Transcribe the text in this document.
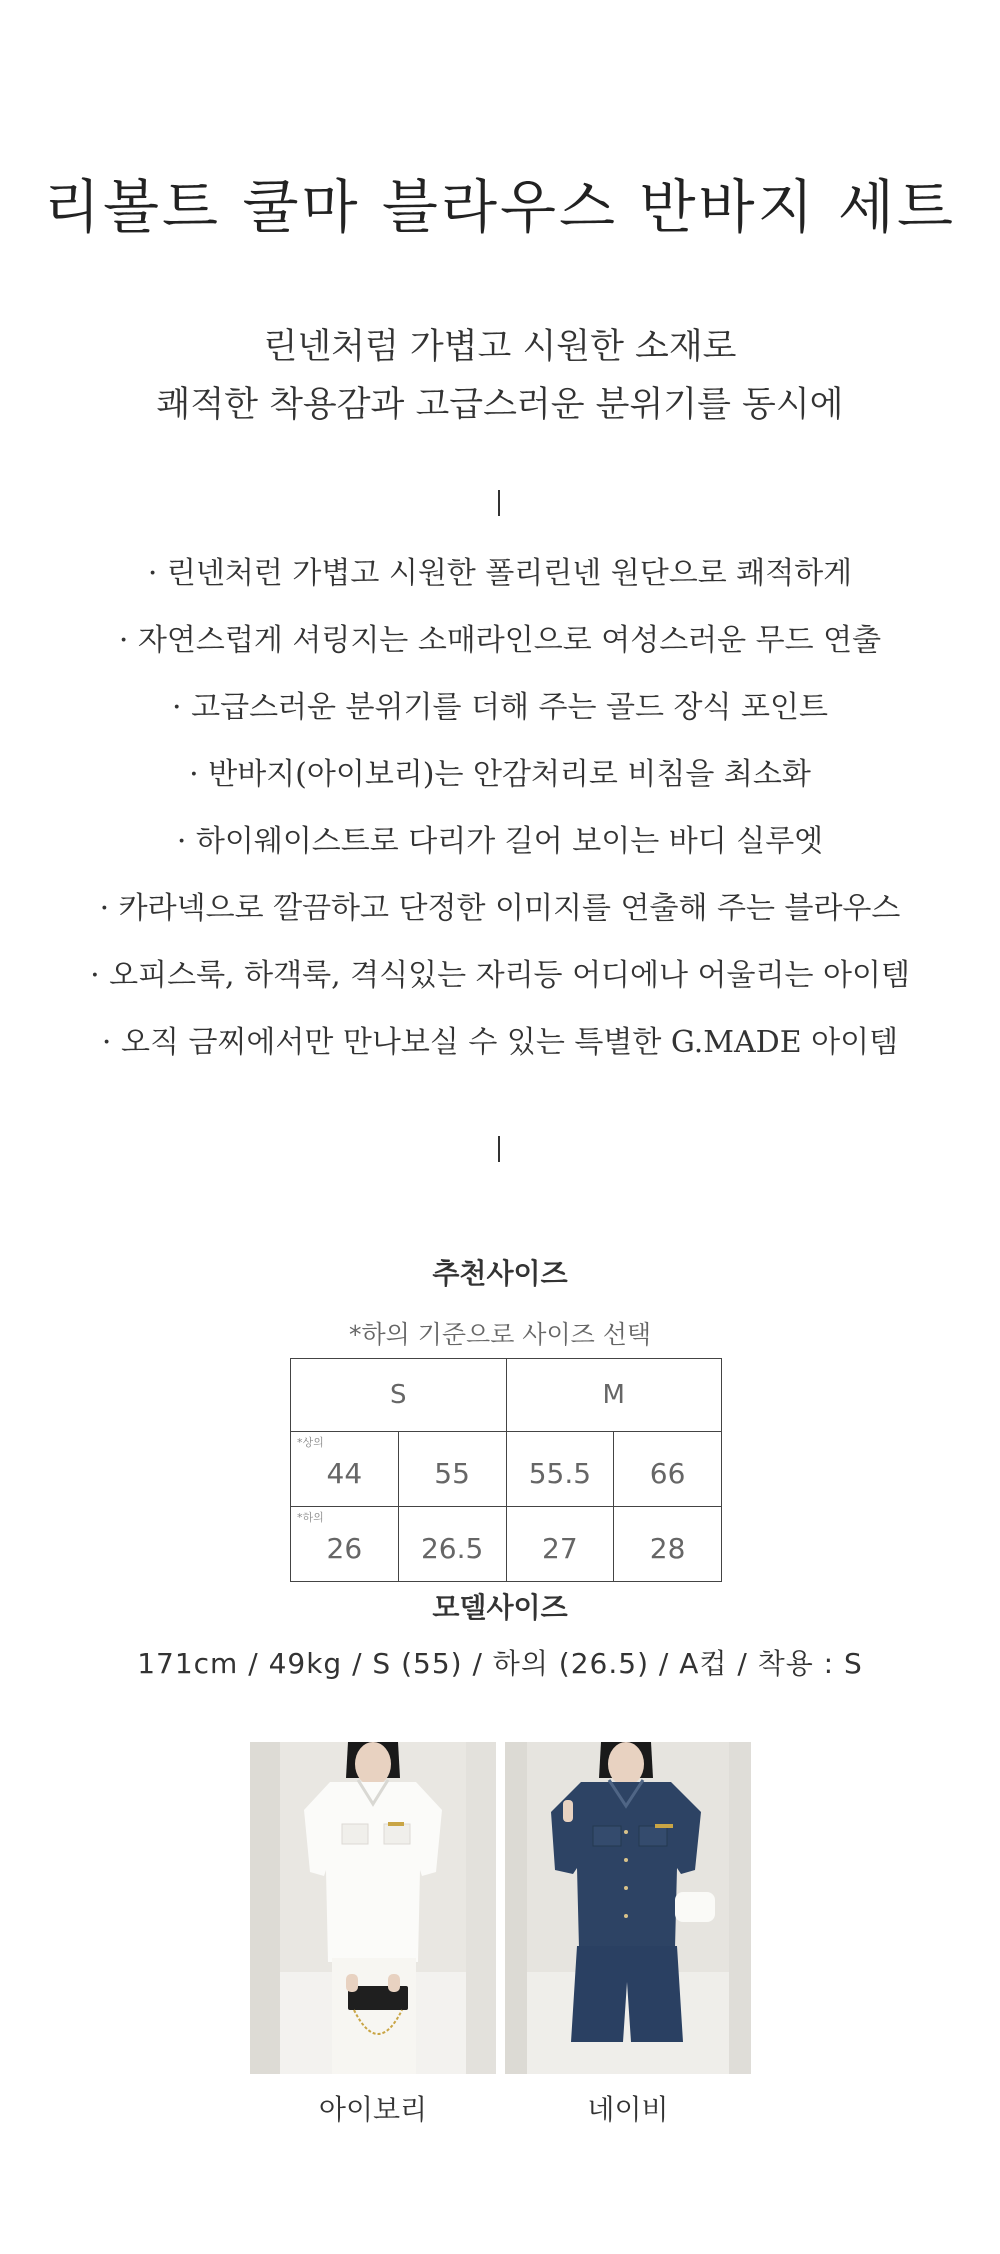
리볼트 쿨마 블라우스 반바지 세트
린넨처럼 가볍고 시원한 소재로
쾌적한 착용감과 고급스러운 분위기를 동시에
· 린넨처런 가볍고 시원한 폴리린넨 원단으로 쾌적하게
· 자연스럽게 셔링지는 소매라인으로 여성스러운 무드 연출
· 고급스러운 분위기를 더해 주는 골드 장식 포인트
· 반바지(아이보리)는 안감처리로 비침을 최소화
· 하이웨이스트로 다리가 길어 보이는 바디 실루엣
· 카라넥으로 깔끔하고 단정한 이미지를 연출해 주는 블라우스
· 오피스룩, 하객룩, 격식있는 자리등 어디에나 어울리는 아이템
· 오직 금찌에서만 만나보실 수 있는 특별한 G.MADE 아이템
추천사이즈
*하의 기준으로 사이즈 선택
S		M	

*상의
44	55	55.5	66

*하의
26	26.5	27	28
모델사이즈
171cm / 49kg / S (55) / 하의 (26.5) / A컵 / 착용 : S
아이보리	네이비
